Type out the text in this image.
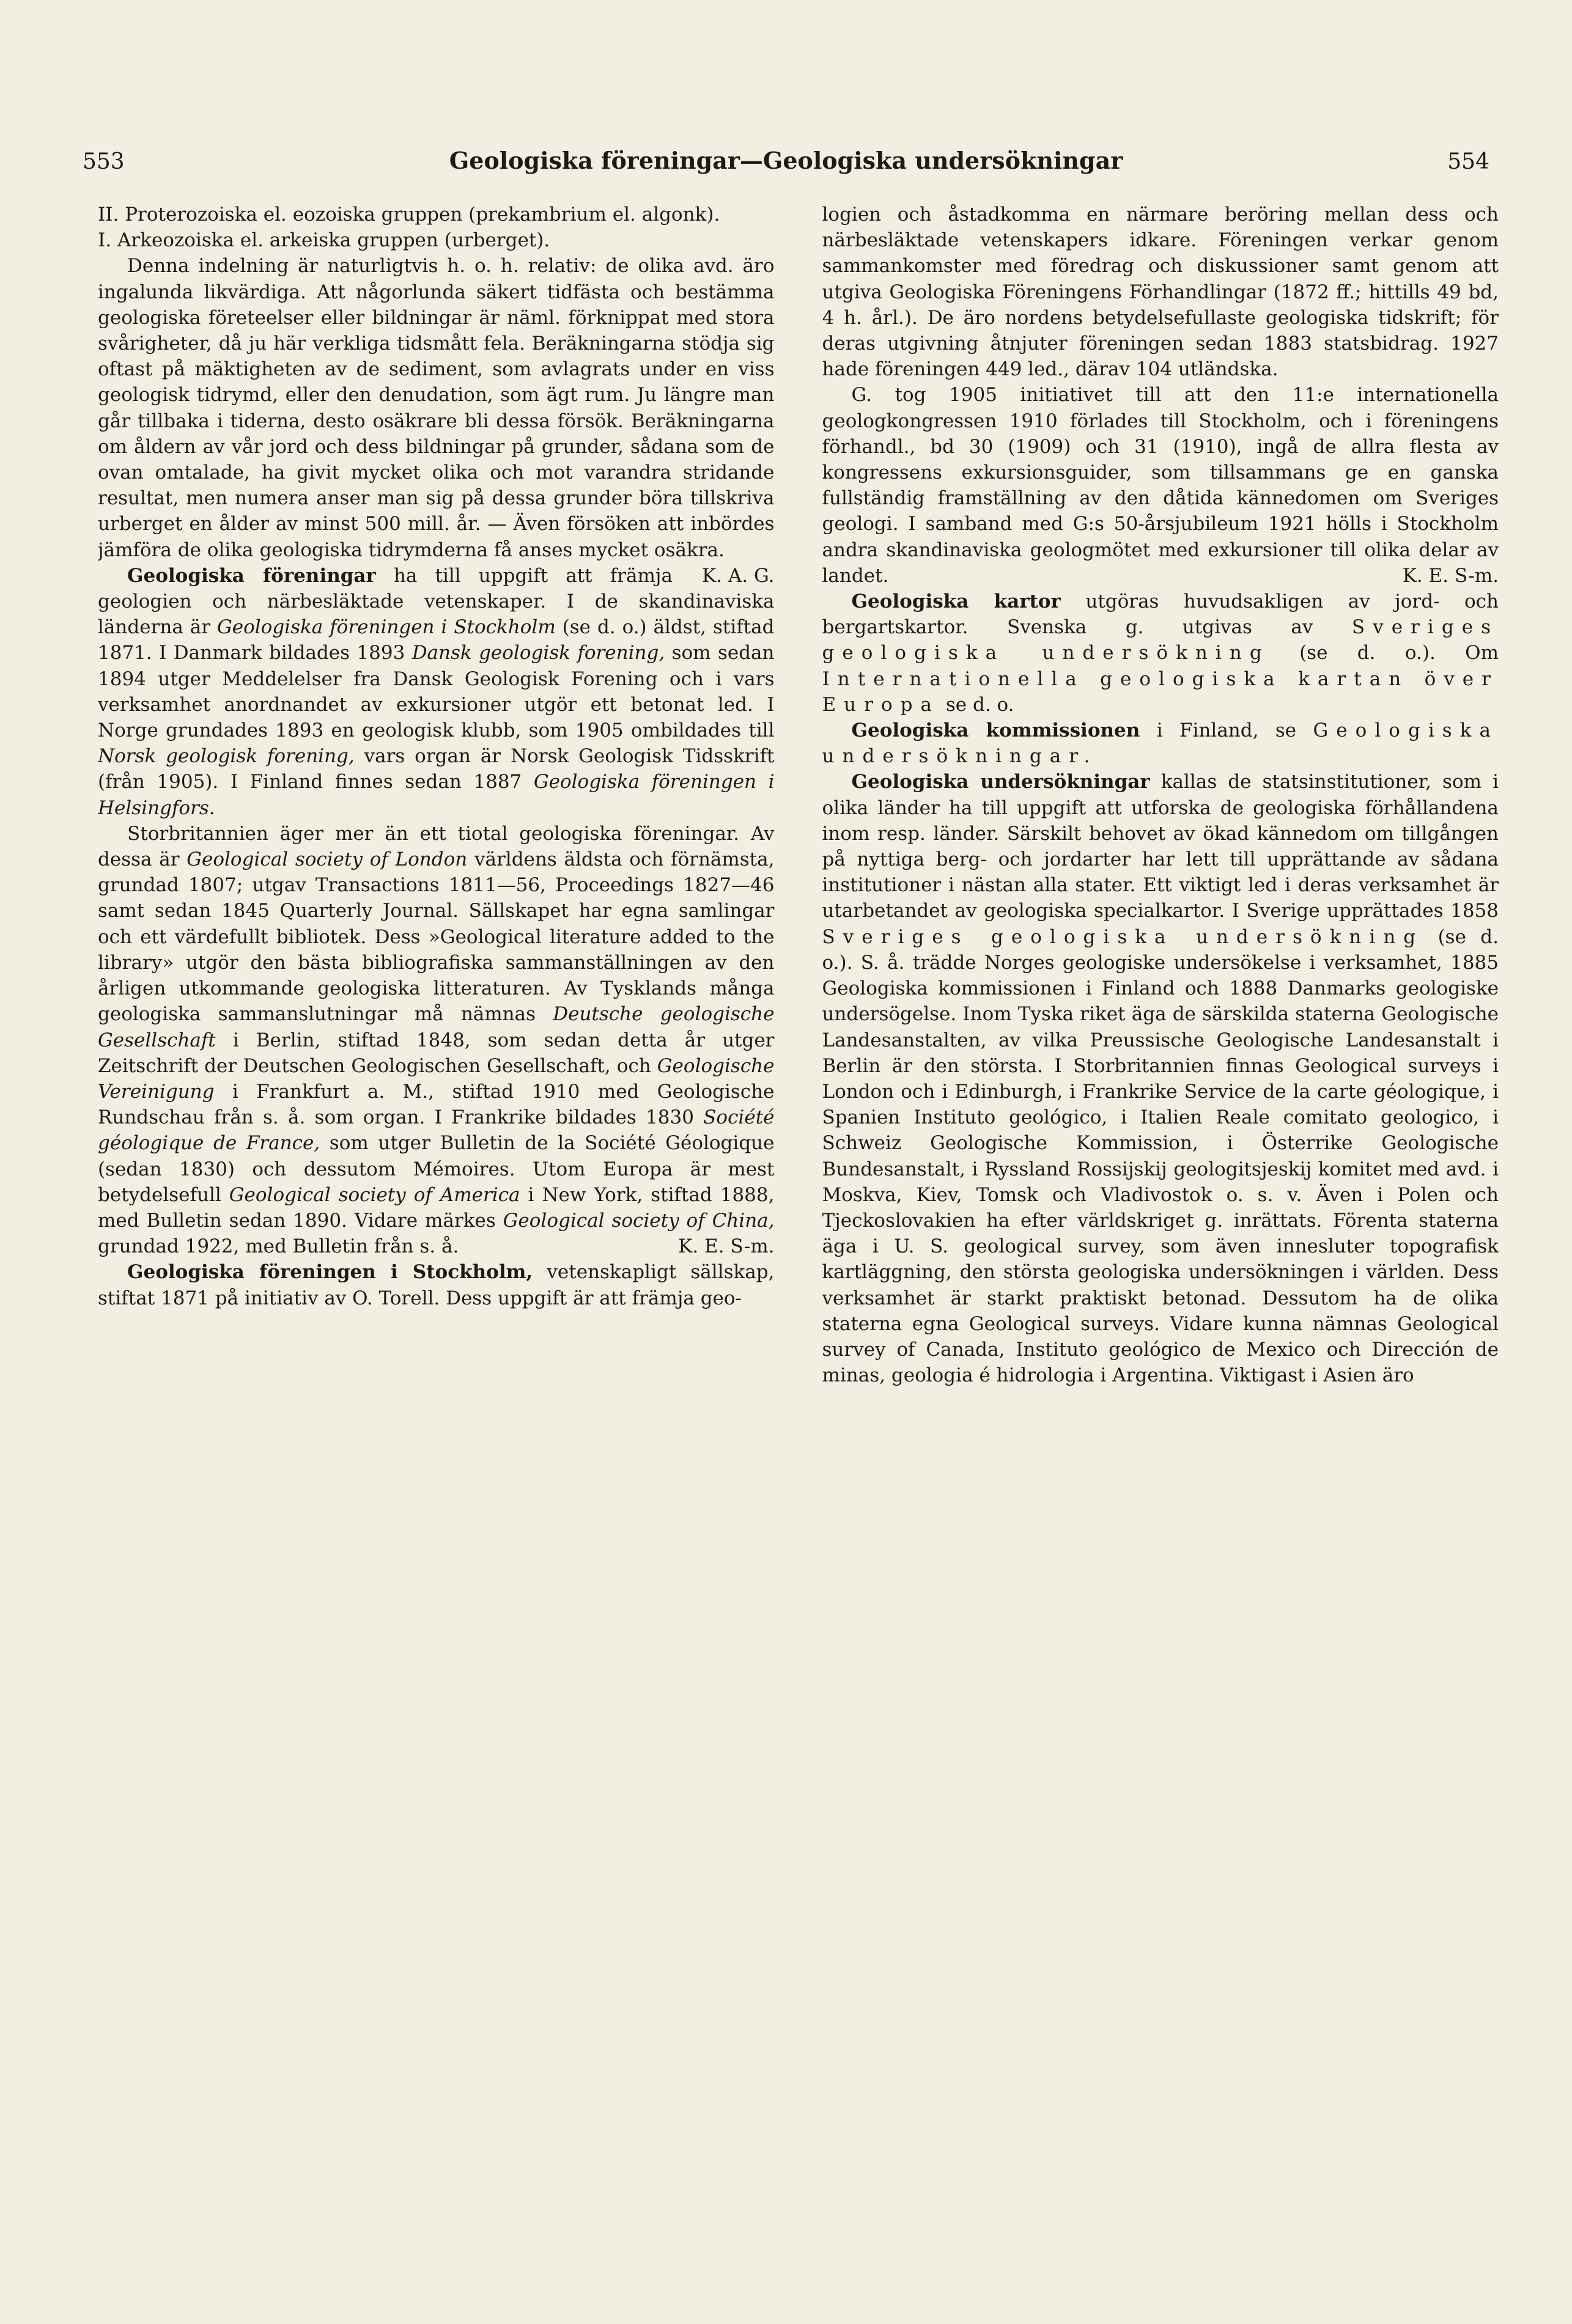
553	Geologiska föreningar—Geologiska undersökningar	554

II. Proterozoiska el. eozoiska gruppen (prekambrium el. algonk).

I. Arkeozoiska el. arkeiska gruppen (urberget).

Denna indelning är naturligtvis h. o. h. relativ: de olika avd. äro ingalunda likvärdiga. Att någorlunda säkert tidfästa och bestämma geologiska företeelser eller bildningar är näml. förknippat med stora svårigheter, då ju här verkliga tidsmått fela. Beräkningarna stödja sig oftast på mäktigheten av de sediment, som avlagrats under en viss geologisk tidrymd, eller den denudation, som ägt rum. Ju längre man går tillbaka i tiderna, desto osäkrare bli dessa försök. Beräkningarna om åldern av vår jord och dess bildningar på grunder, sådana som de ovan omtalade, ha givit mycket olika och mot varandra stridande resultat, men numera anser man sig på dessa grunder böra tillskriva urberget en ålder av minst 500 mill. år. — Även försöken att inbördes jämföra de olika geologiska tidrymderna få anses mycket osäkra.
K. A. G.

Geologiska föreningar ha till uppgift att främja geologien och närbesläktade vetenskaper. I de skandinaviska länderna är Geologiska föreningen i Stockholm (se d. o.) äldst, stiftad 1871. I Danmark bildades 1893 Dansk geologisk forening, som sedan 1894 utger Meddelelser fra Dansk Geologisk Forening och i vars verksamhet anordnandet av exkursioner utgör ett betonat led. I Norge grundades 1893 en geologisk klubb, som 1905 ombildades till Norsk geologisk forening, vars organ är Norsk Geologisk Tidsskrift (från 1905). I Finland finnes sedan 1887 Geologiska föreningen i Helsingfors.

Storbritannien äger mer än ett tiotal geologiska föreningar. Av dessa är Geological society of London världens äldsta och förnämsta, grundad 1807; utgav Transactions 1811—56, Proceedings 1827—46 samt sedan 1845 Quarterly Journal. Sällskapet har egna samlingar och ett värdefullt bibliotek. Dess »Geological literature added to the library» utgör den bästa bibliografiska sammanställningen av den årligen utkommande geologiska litteraturen. Av Tysklands många geologiska sammanslutningar må nämnas Deutsche geologische Gesellschaft i Berlin, stiftad 1848, som sedan detta år utger Zeitschrift der Deutschen Geologischen Gesellschaft, och Geologische Vereinigung i Frankfurt a. M., stiftad 1910 med Geologische Rundschau från s. å. som organ. I Frankrike bildades 1830 Société géologique de France, som utger Bulletin de la Société Géologique (sedan 1830) och dessutom Mémoires. Utom Europa är mest betydelsefull Geological society of America i New York, stiftad 1888, med Bulletin sedan 1890. Vidare märkes Geological society of China, grundad 1922, med Bulletin från s. å.	K. E. S-m.

Geologiska föreningen i Stockholm, vetenskapligt sällskap, stiftat 1871 på initiativ av O. Torell. Dess uppgift är att främja geo-

logien och åstadkomma en närmare beröring mellan dess och närbesläktade vetenskapers idkare. Föreningen verkar genom sammankomster med föredrag och diskussioner samt genom att utgiva Geologiska Föreningens Förhandlingar (1872 ff.; hittills 49 bd, 4 h. årl.). De äro nordens betydelsefullaste geologiska tidskrift; för deras utgivning åtnjuter föreningen sedan 1883 statsbidrag. 1927 hade föreningen 449 led., därav 104 utländska.

G. tog 1905 initiativet till att den 11:e internationella geologkongressen 1910 förlades till Stockholm, och i föreningens förhandl., bd 30 (1909) och 31 (1910), ingå de allra flesta av kongressens exkursionsguider, som tillsammans ge en ganska fullständig framställning av den dåtida kännedomen om Sveriges geologi. I samband med G:s 50-årsjubileum 1921 hölls i Stockholm andra skandinaviska geologmötet med exkursioner till olika delar av landet.	K. E. S-m.

Geologiska kartor utgöras huvudsakligen av jord- och bergartskartor. Svenska g. utgivas av Sveriges geologiska undersökning (se d. o.). Om Internationella geologiska kartan över Europa se d. o.

Geologiska kommissionen i Finland, se Geologiska undersökningar.

Geologiska undersökningar kallas de statsinstitutioner, som i olika länder ha till uppgift att utforska de geologiska förhållandena inom resp. länder. Särskilt behovet av ökad kännedom om tillgången på nyttiga berg- och jordarter har lett till upprättande av sådana institutioner i nästan alla stater. Ett viktigt led i deras verksamhet är utarbetandet av geologiska specialkartor. I Sverige upprättades 1858 Sveriges geologiska undersökning (se d. o.). S. å. trädde Norges geologiske undersökelse i verksamhet, 1885 Geologiska kommissionen i Finland och 1888 Danmarks geologiske undersögelse. Inom Tyska riket äga de särskilda staterna Geologische Landesanstalten, av vilka Preussische Geologische Landesanstalt i Berlin är den största. I Storbritannien finnas Geological surveys i London och i Edinburgh, i Frankrike Service de la carte géologique, i Spanien Instituto geológico, i Italien Reale comitato geologico, i Schweiz Geologische Kommission, i Österrike Geologische Bundesanstalt, i Ryssland Rossijskij geologitsjeskij komitet med avd. i Moskva, Kiev, Tomsk och Vladivostok o. s. v. Även i Polen och Tjeckoslovakien ha efter världskriget g. inrättats. Förenta staterna äga i U. S. geological survey, som även innesluter topografisk kartläggning, den största geologiska undersökningen i världen. Dess verksamhet är starkt praktiskt betonad. Dessutom ha de olika staterna egna Geological surveys. Vidare kunna nämnas Geological survey of Canada, Instituto geológico de Mexico och Dirección de minas, geologia é hidrologia i Argentina. Viktigast i Asien äro
